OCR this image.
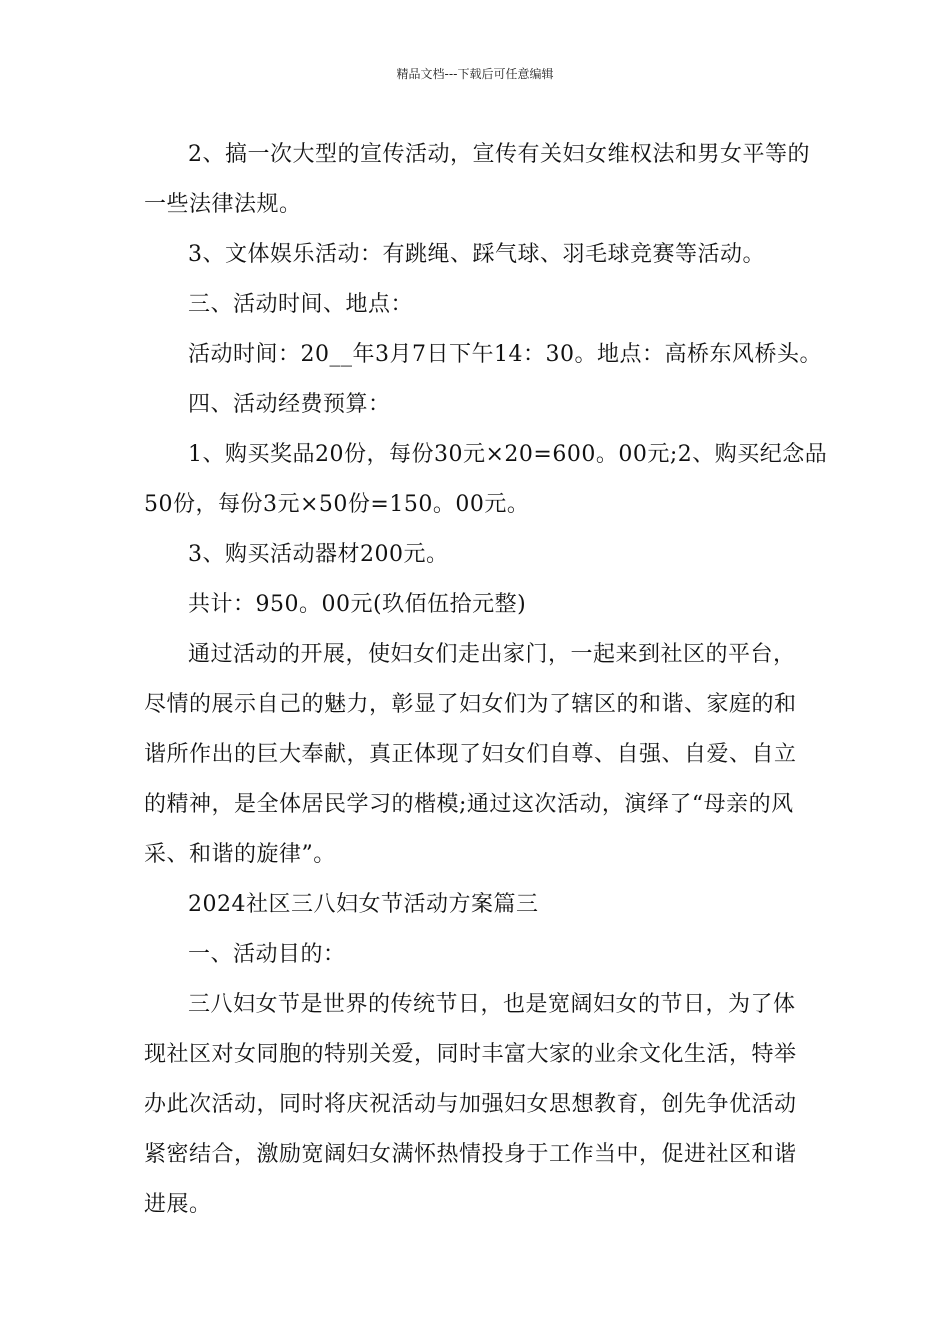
精品文档---下载后可任意编辑

2、搞一次大型的宣传活动，宣传有关妇女维权法和男女平等的
一些法律法规。

3、文体娱乐活动：有跳绳、踩气球、羽毛球竞赛等活动。

三、活动时间、地点：

活动时间：20__年3月7日下午14：30。地点：高桥东风桥头。

四、活动经费预算：

1、购买奖品20份，每份30元×20=600。00元;2、购买纪念品
50份，每份3元×50份=150。00元。

3、购买活动器材200元。

共计：950。00元(玖佰伍拾元整)

通过活动的开展，使妇女们走出家门，一起来到社区的平台，
尽情的展示自己的魅力，彰显了妇女们为了辖区的和谐、家庭的和
谐所作出的巨大奉献，真正体现了妇女们自尊、自强、自爱、自立
的精神，是全体居民学习的楷模;通过这次活动，演绎了“母亲的风
采、和谐的旋律”。

2024社区三八妇女节活动方案篇三

一、活动目的：

三八妇女节是世界的传统节日，也是宽阔妇女的节日，为了体
现社区对女同胞的特别关爱，同时丰富大家的业余文化生活，特举
办此次活动，同时将庆祝活动与加强妇女思想教育，创先争优活动
紧密结合，激励宽阔妇女满怀热情投身于工作当中，促进社区和谐
进展。
